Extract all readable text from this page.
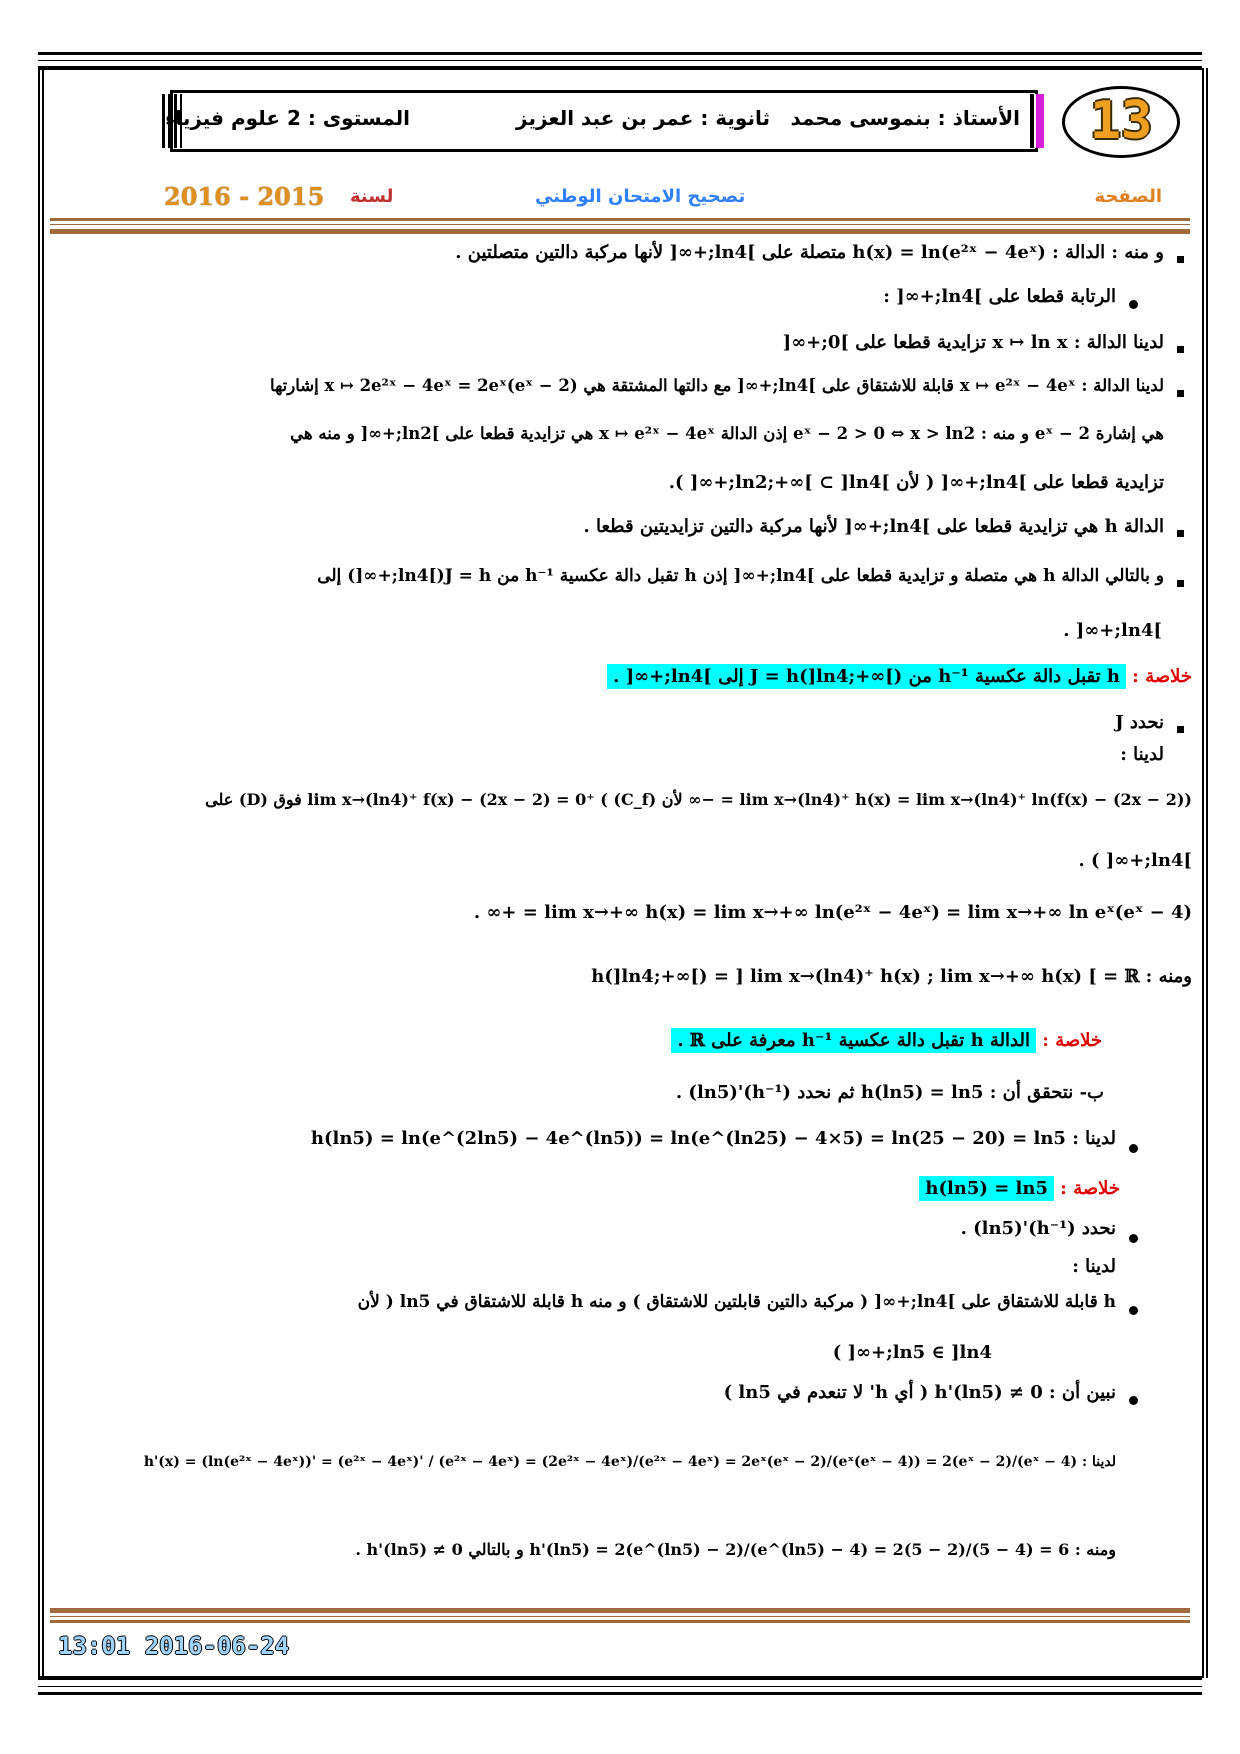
الأستاذ : بنموسى محمد
ثانوية : عمر بن عبد العزيز
المستوى : 2 علوم فيزياء	13
الصفحة
تصحيح الامتحان الوطني
لسنة
2016 - 2015
و منه : الدالة : h(x) = ln(e²ˣ − 4eˣ) متصلة على ]ln4;+∞[ لأنها مركبة دالتين متصلتين .
الرتابة قطعا على ]ln4;+∞[ :
لدينا الدالة : x ↦ ln x تزايدية قطعا على ]0;+∞[
لدينا الدالة : x ↦ e²ˣ − 4eˣ قابلة للاشتقاق على ]ln4;+∞[ مع دالتها المشتقة هي x ↦ 2e²ˣ − 4eˣ = 2eˣ(eˣ − 2) إشارتها
هي إشارة eˣ − 2 و منه : eˣ − 2 > 0 ⇔ x > ln2 إذن الدالة x ↦ e²ˣ − 4eˣ هي تزايدية قطعا على ]ln2;+∞[ و منه هي
تزايدية قطعا على ]ln4;+∞[ ( لأن ]ln2;+∞[ ⊂ ]ln4;+∞[ ).
الدالة h هي تزايدية قطعا على ]ln4;+∞[ لأنها مركبة دالتين تزايديتين قطعا .
و بالتالي الدالة h هي متصلة و تزايدية قطعا على ]ln4;+∞[ إذن h تقبل دالة عكسية h⁻¹ من J = h(]ln4;+∞[) إلى
]ln4;+∞[ .
خلاصة : h تقبل دالة عكسية h⁻¹ من J = h(]ln4;+∞[) إلى ]ln4;+∞[ .
نحدد J
لدينا :
lim x→(ln4)⁺ h(x) = lim x→(ln4)⁺ ln(f(x) − (2x − 2)) = −∞ لأن lim x→(ln4)⁺ f(x) − (2x − 2) = 0⁺ ( (C_f) فوق (D) على
]ln4;+∞[ ) .
lim x→+∞ h(x) = lim x→+∞ ln(e²ˣ − 4eˣ) = lim x→+∞ ln eˣ(eˣ − 4) = +∞ .
ومنه : h(]ln4;+∞[) = ] lim x→(ln4)⁺ h(x) ; lim x→+∞ h(x) [ = ℝ
خلاصة : الدالة h تقبل دالة عكسية h⁻¹ معرفة على ℝ .
ب- نتحقق أن : h(ln5) = ln5 ثم نحدد (h⁻¹)'(ln5) .
لدينا : h(ln5) = ln(e^(2ln5) − 4e^(ln5)) = ln(e^(ln25) − 4×5) = ln(25 − 20) = ln5
خلاصة : h(ln5) = ln5
نحدد (h⁻¹)'(ln5) .
لدينا :
h قابلة للاشتقاق على ]ln4;+∞[ ( مركبة دالتين قابلتين للاشتقاق ) و منه h قابلة للاشتقاق في ln5 ( لأن
ln5 ∈ ]ln4;+∞[ )
نبين أن : h'(ln5) ≠ 0 ( أي h' لا تنعدم في ln5 )
لدينا : h'(x) = (ln(e²ˣ − 4eˣ))' = (e²ˣ − 4eˣ)' / (e²ˣ − 4eˣ) = (2e²ˣ − 4eˣ)/(e²ˣ − 4eˣ) = 2eˣ(eˣ − 2)/(eˣ(eˣ − 4)) = 2(eˣ − 2)/(eˣ − 4)
ومنه : h'(ln5) = 2(e^(ln5) − 2)/(e^(ln5) − 4) = 2(5 − 2)/(5 − 4) = 6 و بالتالي h'(ln5) ≠ 0 .
13:01 2016-06-24
